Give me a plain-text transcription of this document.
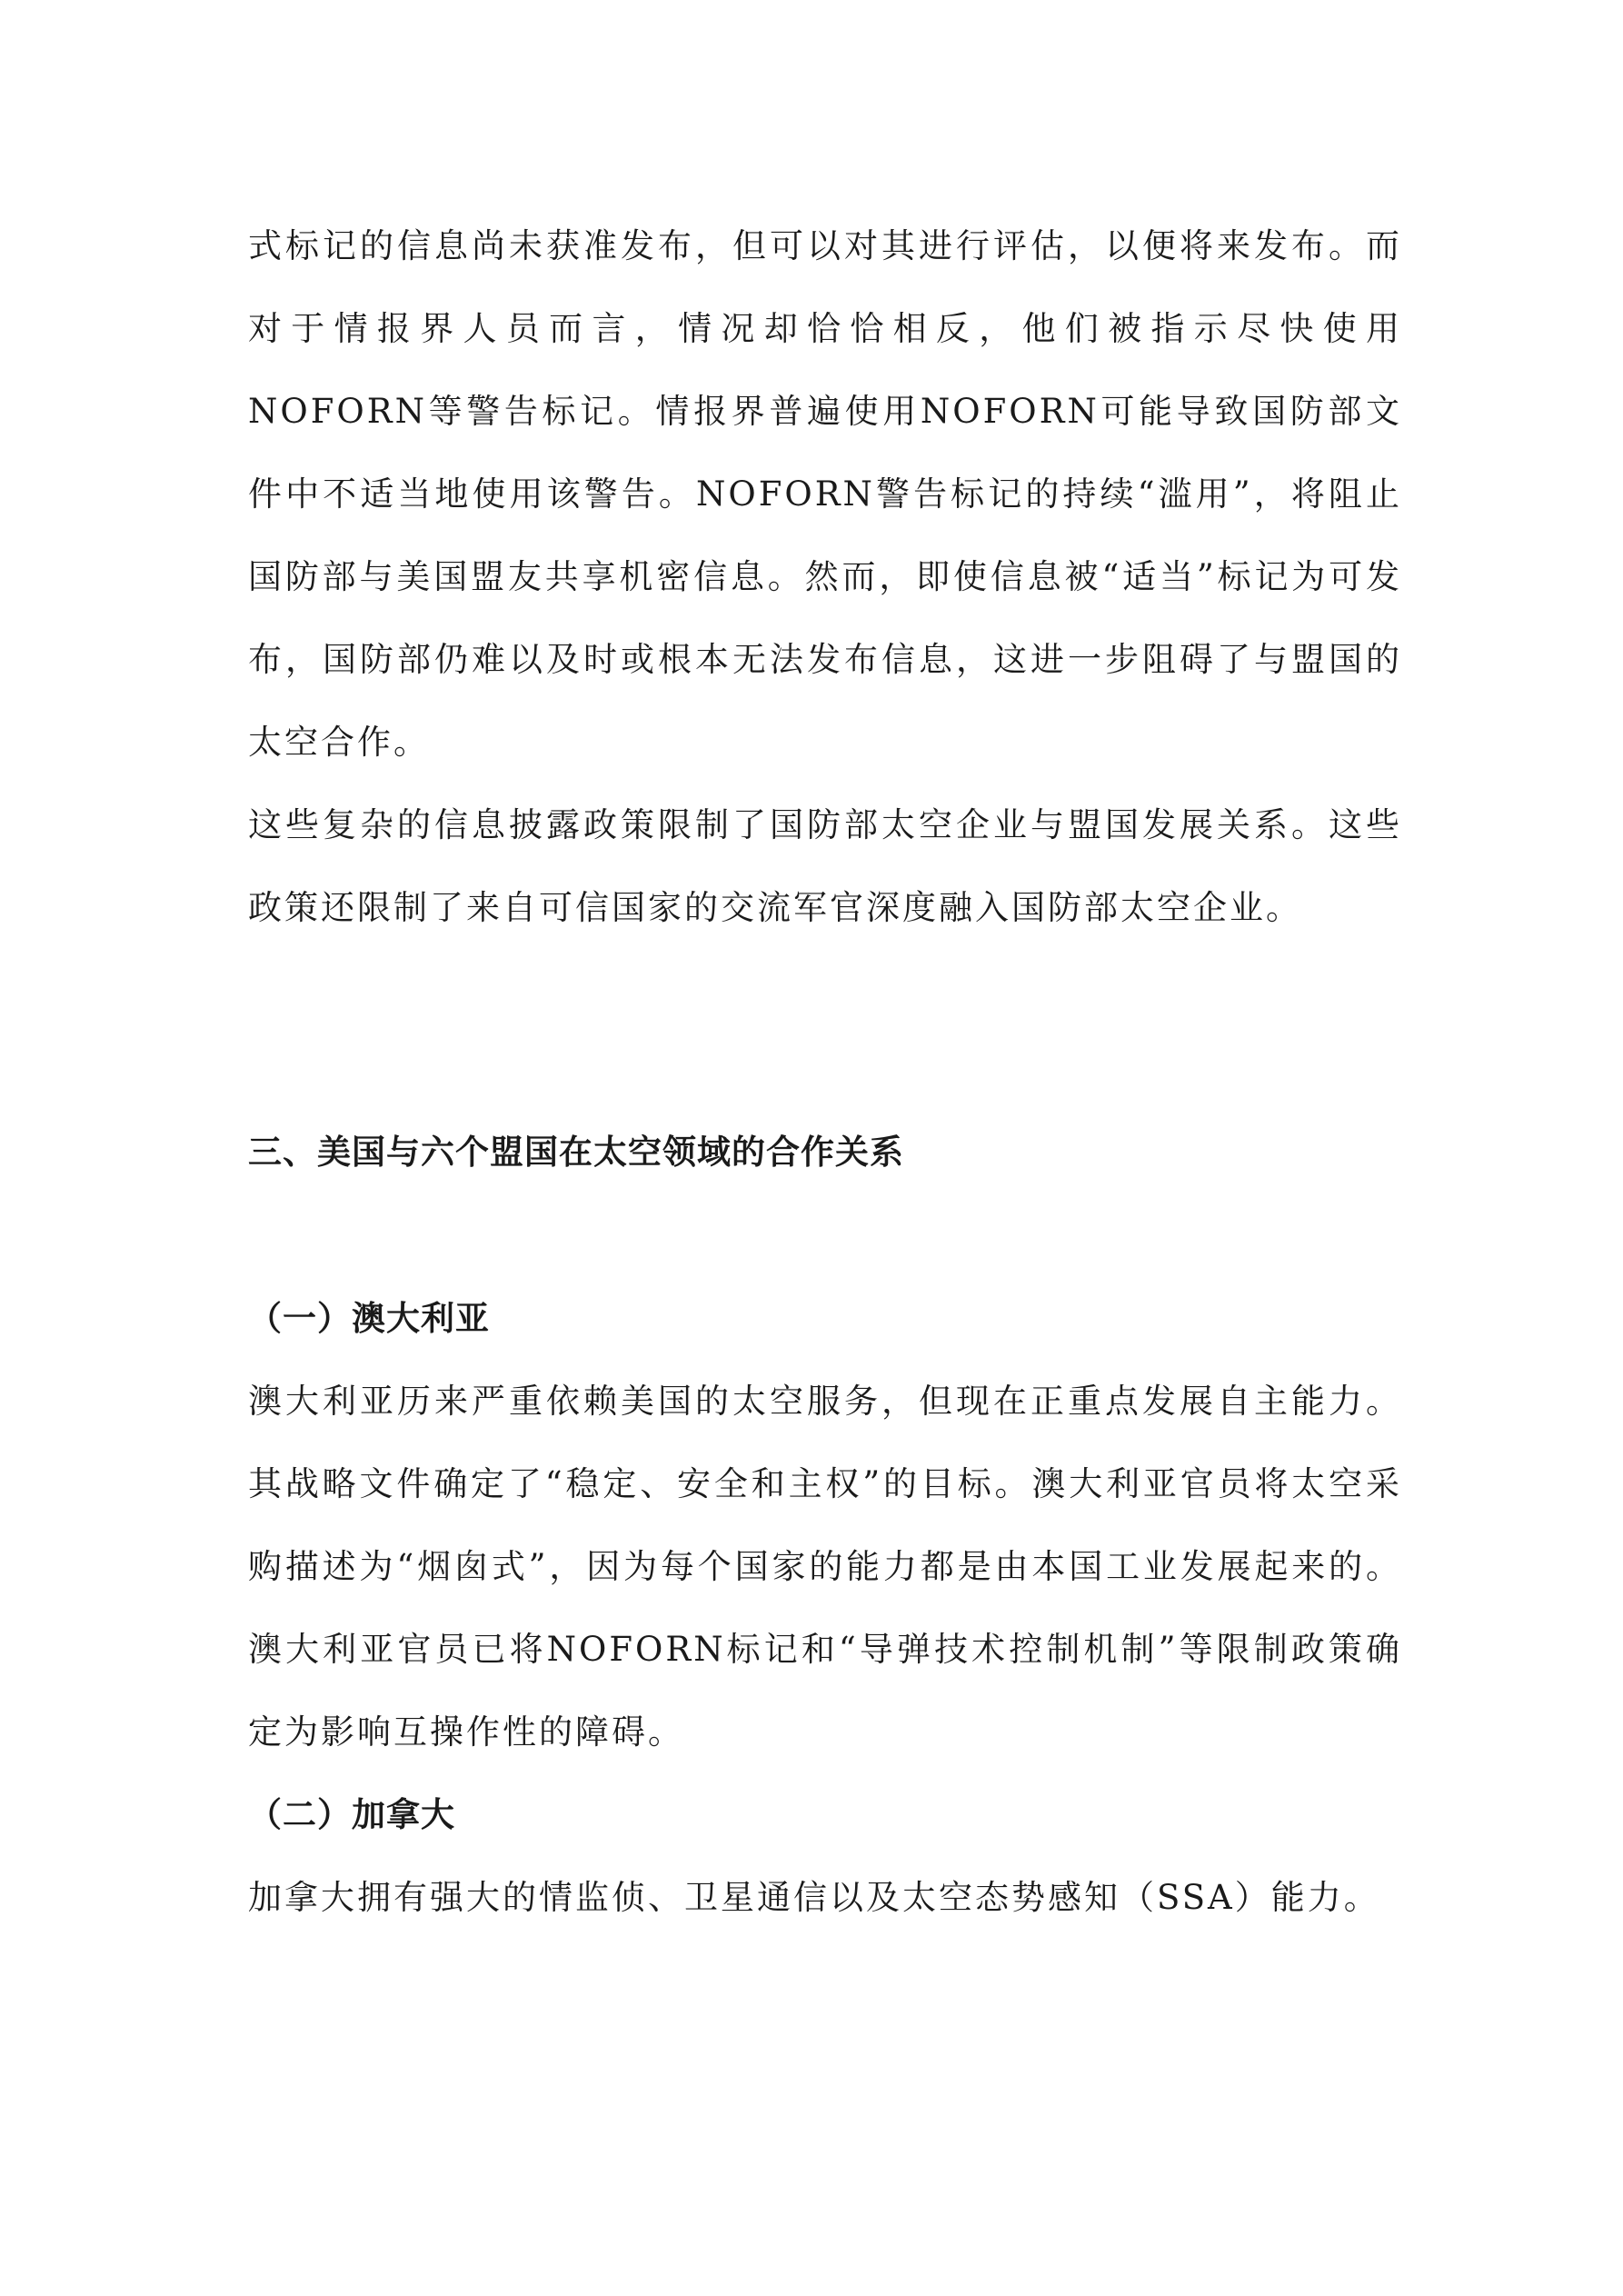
式标记的信息尚未获准发布，但可以对其进行评估，以便将来发布。而对于情报界人员而言，情况却恰恰相反，他们被指示尽快使用NOFORN等警告标记。情报界普遍使用NOFORN可能导致国防部文件中不适当地使用该警告。NOFORN警告标记的持续“滥用”，将阻止国防部与美国盟友共享机密信息。然而，即使信息被“适当”标记为可发布，国防部仍难以及时或根本无法发布信息，这进一步阻碍了与盟国的太空合作。

这些复杂的信息披露政策限制了国防部太空企业与盟国发展关系。这些政策还限制了来自可信国家的交流军官深度融入国防部太空企业。

三、美国与六个盟国在太空领域的合作关系
（一）澳大利亚

澳大利亚历来严重依赖美国的太空服务，但现在正重点发展自主能力。其战略文件确定了“稳定、安全和主权”的目标。澳大利亚官员将太空采购描述为“烟囱式”，因为每个国家的能力都是由本国工业发展起来的。澳大利亚官员已将NOFORN标记和“导弹技术控制机制”等限制政策确定为影响互操作性的障碍。

（二）加拿大

加拿大拥有强大的情监侦、卫星通信以及太空态势感知（SSA）能力。
